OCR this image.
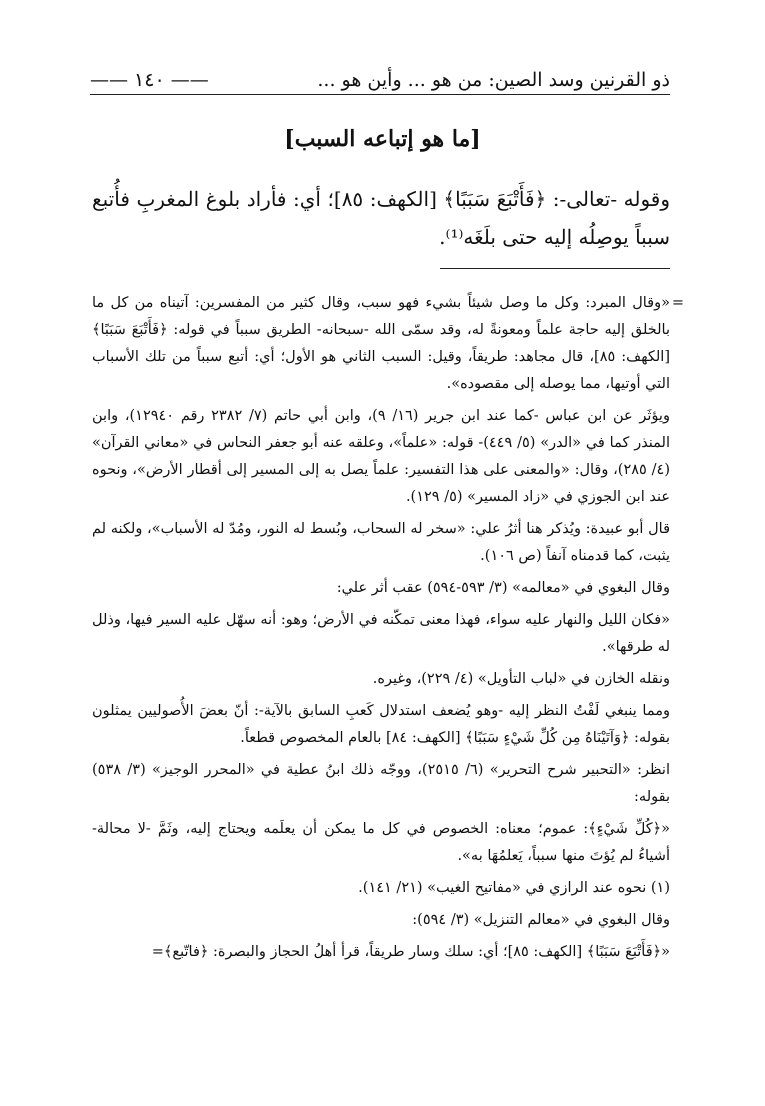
ذو القرنين وسد الصين: من هو ... وأين هو ...
—— ١٤٠ ——
[ما هو إتباعه السبب]

وقوله -تعالى-: ﴿فَأَتْبَعَ سَبَبًا﴾ [الكهف: ٨٥]؛ أي: فأراد بلوغ المغربِ فأُتبع سبباً يوصِلُه إليه حتى بلَغَه⁽¹⁾.

=
«وقال المبرد: وكل ما وصل شيئاً بشيء فهو سبب، وقال كثير من المفسرين: آتيناه من كل ما بالخلق إليه حاجة علماً ومعونةً له، وقد سمّى الله -سبحانه- الطريق سبباً في قوله: ﴿فَأَتْبَعَ سَبَبًا﴾ [الكهف: ٨٥]، قال مجاهد: طريقاً، وقيل: السبب الثاني هو الأول؛ أي: أتبع سبباً من تلك الأسباب التي أوتيها، مما يوصله إلى مقصوده».

ويؤثَر عن ابن عباس -كما عند ابن جرير (١٦/ ٩)، وابن أبي حاتم (٧/ ٢٣٨٢ رقم ١٢٩٤٠)، وابن المنذر كما في «الدر» (٥/ ٤٤٩)- قوله: «علماً»، وعلقه عنه أبو جعفر النحاس في «معاني القرآن» (٤/ ٢٨٥)، وقال: «والمعنى على هذا التفسير: علماً يصل به إلى المسير إلى أقطار الأرض»، ونحوه عند ابن الجوزي في «زاد المسير» (٥/ ١٢٩).

قال أبو عبيدة: ويُذكر هنا أثرُ علي: «سخر له السحاب، وبُسط له النور، ومُدّ له الأسباب»، ولكنه لم يثبت، كما قدمناه آنفاً (ص ١٠٦).

وقال البغوي في «معالمه» (٣/ ٥٩٣-٥٩٤) عقب أثر علي:

«فكان الليل والنهار عليه سواء، فهذا معنى تمكّنه في الأرض؛ وهو: أنه سهّل عليه السير فيها، وذلل له طرقها».

ونقله الخازن في «لباب التأويل» (٤/ ٢٢٩)، وغيره.

ومما ينبغي لَفْتُ النظر إليه -وهو يُضعف استدلال كَعبِ السابق بالآية-: أنّ بعضَ الأُصوليين يمثلون بقوله: ﴿وَآتَيْنَاهُ مِن كُلِّ شَيْءٍ سَبَبًا﴾ [الكهف: ٨٤] بالعام المخصوص قطعاً.

انظر: «التحبير شرح التحرير» (٦/ ٢٥١٥)، ووجّه ذلك ابنُ عطية في «المحرر الوجيز» (٣/ ٥٣٨) بقوله:

«﴿كُلِّ شَيْءٍ﴾: عموم؛ معناه: الخصوص في كل ما يمكن أن يعلَمه ويحتاج إليه، وثَمَّ -لا محالة- أشياءُ لم يُؤتَ منها سبباً، يَعلمُهَا به».

(١) نحوه عند الرازي في «مفاتيح الغيب» (٢١/ ١٤١).

وقال البغوي في «معالم التنزيل» (٣/ ٥٩٤):

«﴿فَأَتْبَعَ سَبَبًا﴾ [الكهف: ٨٥]؛ أي: سلك وسار طريقاً، قرأ أهلُ الحجاز والبصرة: ﴿فاتّبع﴾=
